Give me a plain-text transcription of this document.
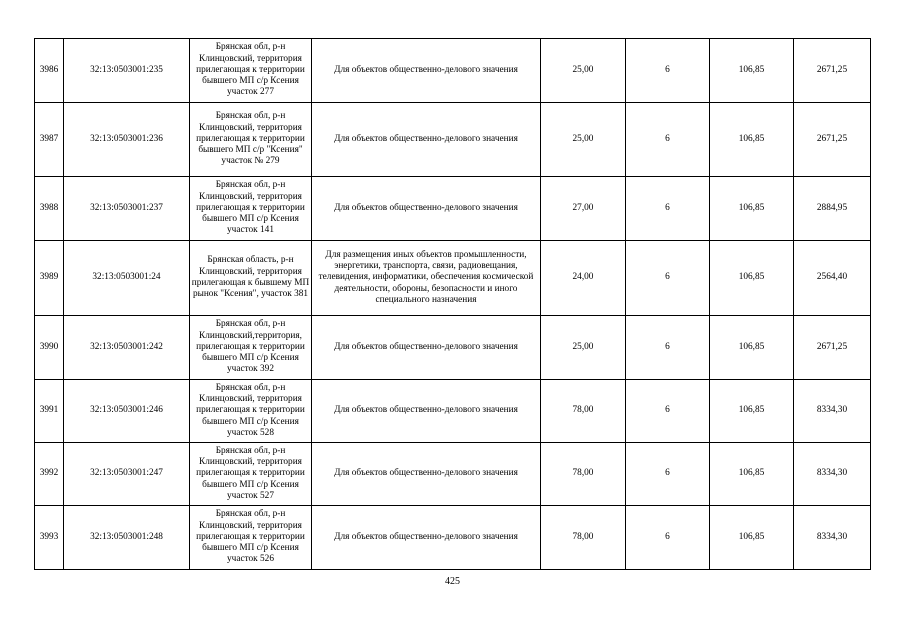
3986	32:13:0503001:235	Брянская обл, р-н Клинцовский, территория прилегающая к территории бывшего МП с/р Ксения участок 277	Для объектов общественно-делового значения	25,00	6	106,85	2671,25
3987	32:13:0503001:236	Брянская обл, р-н Клинцовский, территория прилегающая к территории бывшего МП с/р "Ксения" участок № 279	Для объектов общественно-делового значения	25,00	6	106,85	2671,25
3988	32:13:0503001:237	Брянская обл, р-н Клинцовский, территория прилегающая к территории бывшего МП с/р Ксения участок 141	Для объектов общественно-делового значения	27,00	6	106,85	2884,95
3989	32:13:0503001:24	Брянская область, р-н Клинцовский, территория прилегающая к бывшему МП рынок "Ксения", участок 381	Для размещения иных объектов промышленности, энергетики, транспорта, связи, радиовещания, телевидения, информатики, обеспечения космической деятельности, обороны, безопасности и иного специального назначения	24,00	6	106,85	2564,40
3990	32:13:0503001:242	Брянская обл, р-н Клинцовский,территория, прилегающая к территории бывшего МП с/р Ксения участок 392	Для объектов общественно-делового значения	25,00	6	106,85	2671,25
3991	32:13:0503001:246	Брянская обл, р-н Клинцовский, территория прилегающая к территории бывшего МП с/р Ксения участок 528	Для объектов общественно-делового значения	78,00	6	106,85	8334,30
3992	32:13:0503001:247	Брянская обл, р-н Клинцовский, территория прилегающая к территории бывшего МП с/р Ксения участок 527	Для объектов общественно-делового значения	78,00	6	106,85	8334,30
3993	32:13:0503001:248	Брянская обл, р-н Клинцовский, территория прилегающая к территории бывшего МП с/р Ксения участок 526	Для объектов общественно-делового значения	78,00	6	106,85	8334,30
425
